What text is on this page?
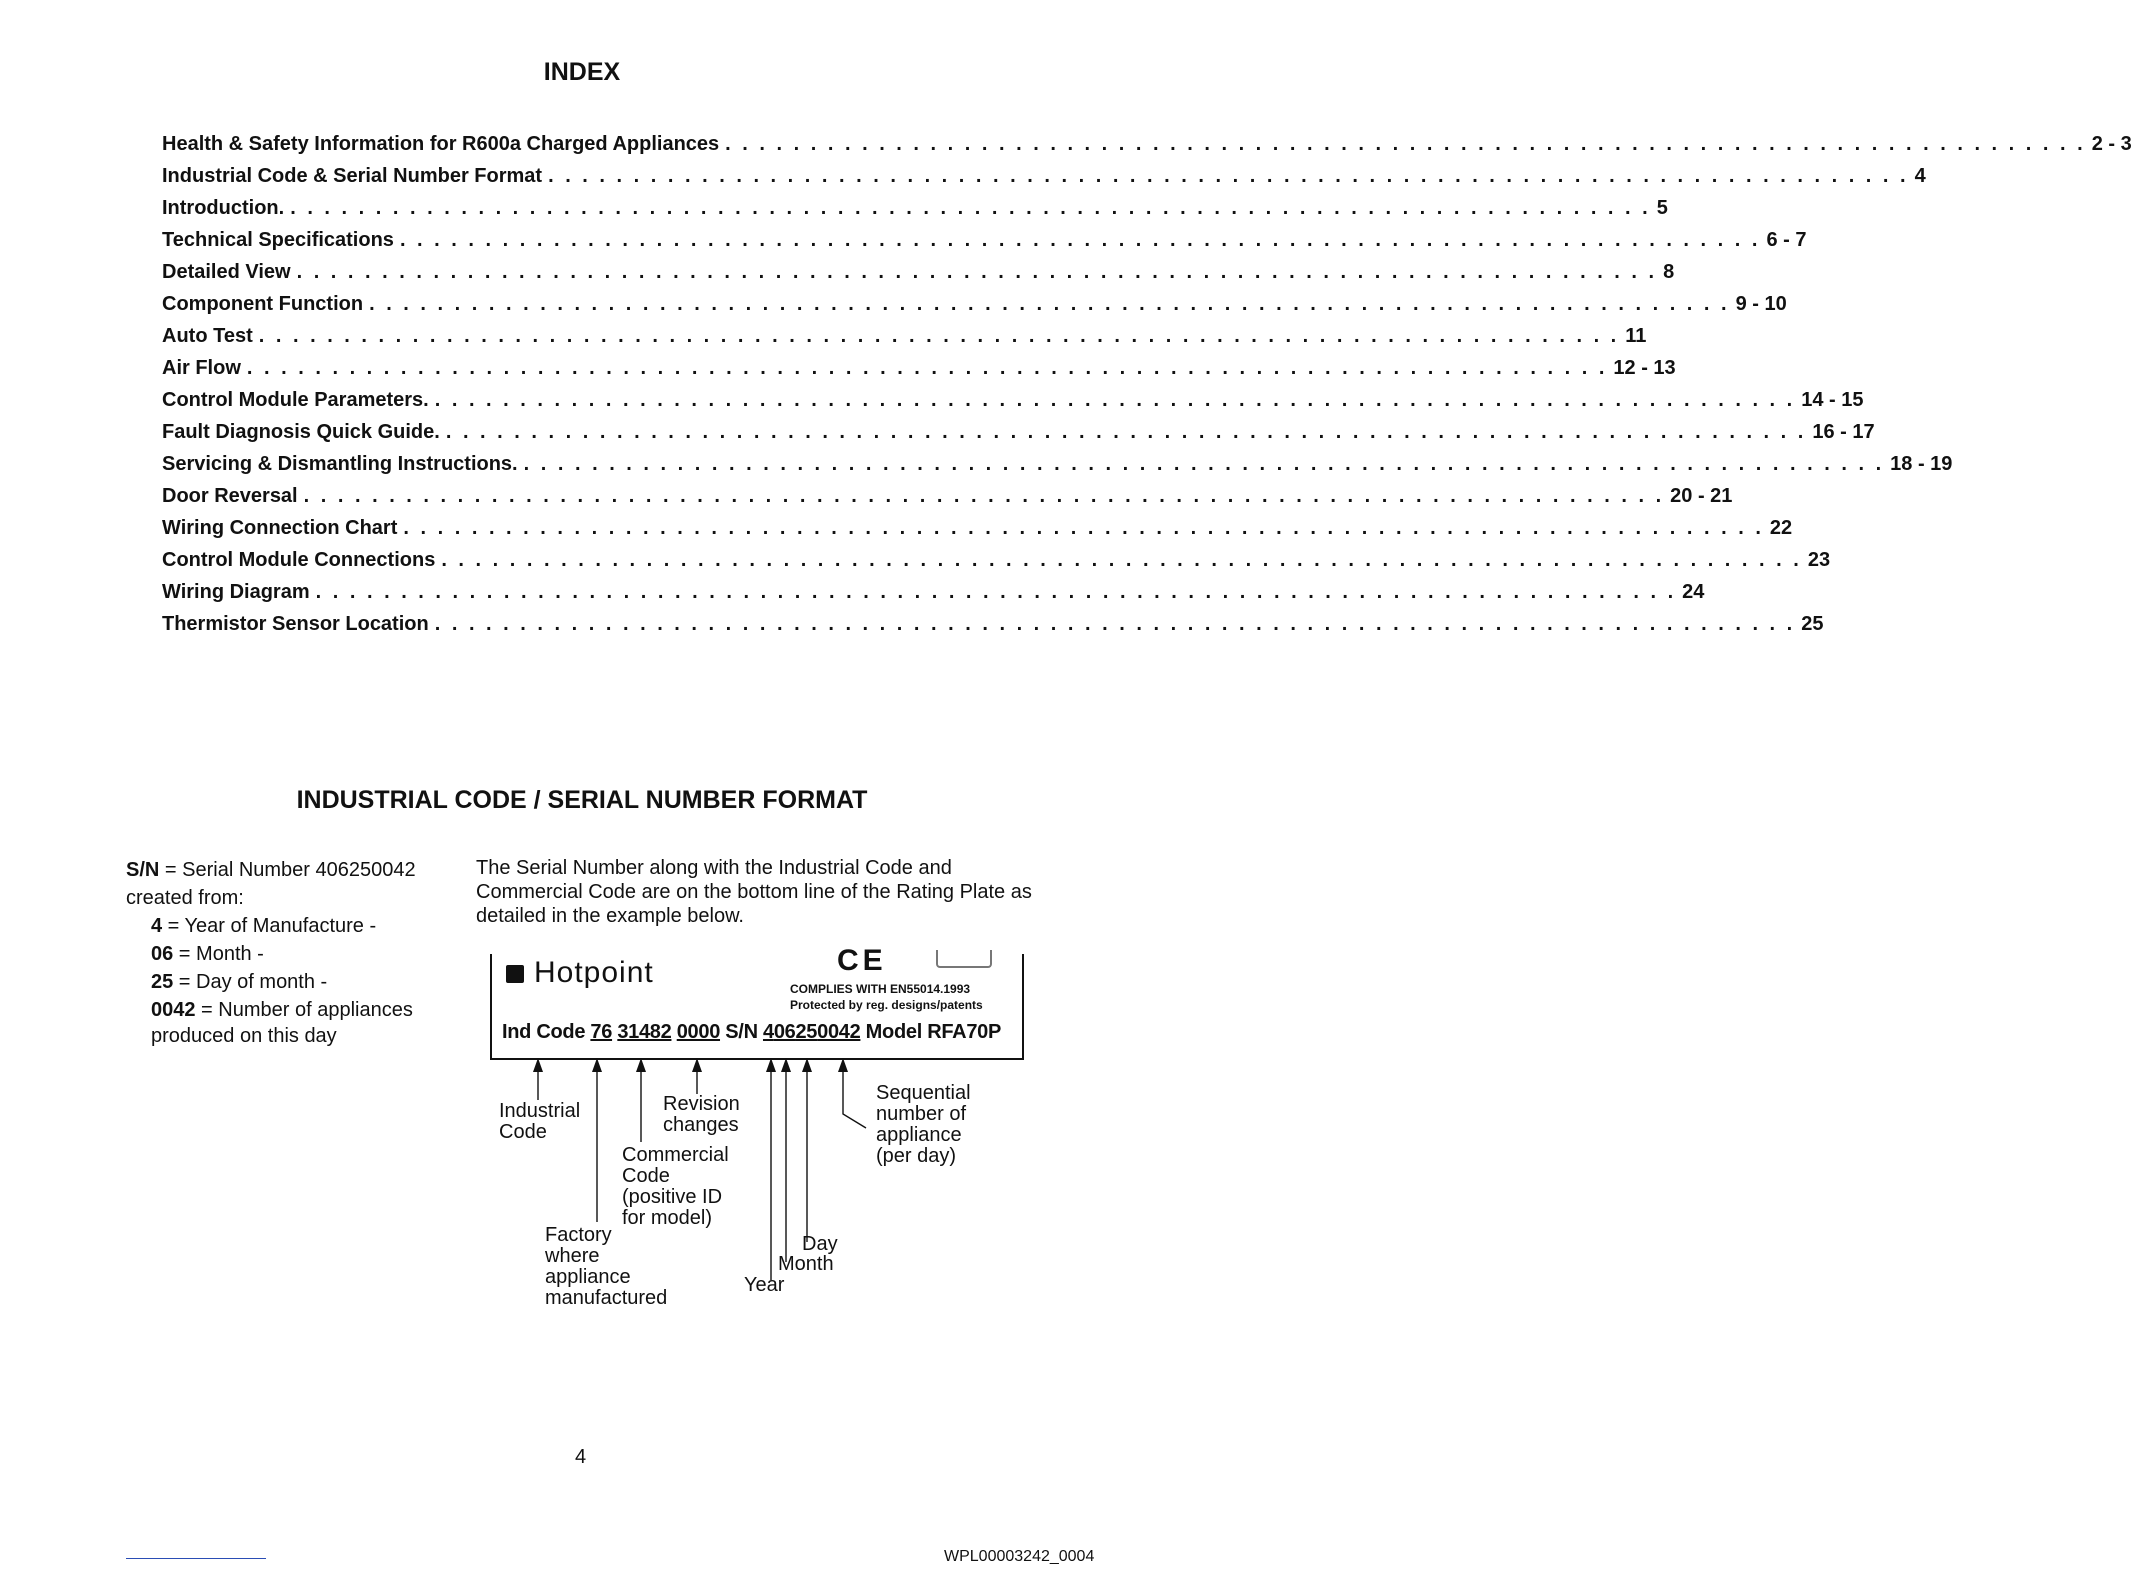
INDEX
Health & Safety Information for R600a Charged Appliances . . . . . . . . . . . . . . . . . . . . . . . . . . . . . . . . . . . . . . . . . . . . . . . . . . . . . . . . . . . . . . . . . . . . . . . . . . . . . . . . 2 - 3
Industrial Code & Serial Number Format . . . . . . . . . . . . . . . . . . . . . . . . . . . . . . . . . . . . . . . . . . . . . . . . . . . . . . . . . . . . . . . . . . . . . . . . . . . . . . . . 4
Introduction. . . . . . . . . . . . . . . . . . . . . . . . . . . . . . . . . . . . . . . . . . . . . . . . . . . . . . . . . . . . . . . . . . . . . . . . . . . . . . . . . 5
Technical Specifications . . . . . . . . . . . . . . . . . . . . . . . . . . . . . . . . . . . . . . . . . . . . . . . . . . . . . . . . . . . . . . . . . . . . . . . . . . . . . . . . 6 - 7
Detailed View . . . . . . . . . . . . . . . . . . . . . . . . . . . . . . . . . . . . . . . . . . . . . . . . . . . . . . . . . . . . . . . . . . . . . . . . . . . . . . . . 8
Component Function . . . . . . . . . . . . . . . . . . . . . . . . . . . . . . . . . . . . . . . . . . . . . . . . . . . . . . . . . . . . . . . . . . . . . . . . . . . . . . . . 9 - 10
Auto Test . . . . . . . . . . . . . . . . . . . . . . . . . . . . . . . . . . . . . . . . . . . . . . . . . . . . . . . . . . . . . . . . . . . . . . . . . . . . . . . . 11
Air Flow . . . . . . . . . . . . . . . . . . . . . . . . . . . . . . . . . . . . . . . . . . . . . . . . . . . . . . . . . . . . . . . . . . . . . . . . . . . . . . . . 12 - 13
Control Module Parameters. . . . . . . . . . . . . . . . . . . . . . . . . . . . . . . . . . . . . . . . . . . . . . . . . . . . . . . . . . . . . . . . . . . . . . . . . . . . . . . . . 14 - 15
Fault Diagnosis Quick Guide. . . . . . . . . . . . . . . . . . . . . . . . . . . . . . . . . . . . . . . . . . . . . . . . . . . . . . . . . . . . . . . . . . . . . . . . . . . . . . . . . 16 - 17
Servicing & Dismantling Instructions. . . . . . . . . . . . . . . . . . . . . . . . . . . . . . . . . . . . . . . . . . . . . . . . . . . . . . . . . . . . . . . . . . . . . . . . . . . . . . . . . 18 - 19
Door Reversal . . . . . . . . . . . . . . . . . . . . . . . . . . . . . . . . . . . . . . . . . . . . . . . . . . . . . . . . . . . . . . . . . . . . . . . . . . . . . . . . 20 - 21
Wiring Connection Chart . . . . . . . . . . . . . . . . . . . . . . . . . . . . . . . . . . . . . . . . . . . . . . . . . . . . . . . . . . . . . . . . . . . . . . . . . . . . . . . . 22
Control Module Connections . . . . . . . . . . . . . . . . . . . . . . . . . . . . . . . . . . . . . . . . . . . . . . . . . . . . . . . . . . . . . . . . . . . . . . . . . . . . . . . . 23
Wiring Diagram . . . . . . . . . . . . . . . . . . . . . . . . . . . . . . . . . . . . . . . . . . . . . . . . . . . . . . . . . . . . . . . . . . . . . . . . . . . . . . . . 24
Thermistor Sensor Location . . . . . . . . . . . . . . . . . . . . . . . . . . . . . . . . . . . . . . . . . . . . . . . . . . . . . . . . . . . . . . . . . . . . . . . . . . . . . . . . 25
INDUSTRIAL CODE / SERIAL NUMBER FORMAT
S/N = Serial Number 406250042
created from:
4 = Year of Manufacture -
06 = Month -
25 = Day of month -
0042 = Number of appliances
produced on this day
The Serial Number along with the Industrial Code and Commercial Code are on the bottom line of the Rating Plate as detailed in the example below.
Hotpoint	CE
COMPLIES WITH EN55014.1993
Protected by reg. designs/patents
Ind Code 76 31482 0000 S/N 406250042 Model RFA70P
Industrial
Code
Revision
changes
Commercial
Code
(positive ID
for model)
Factory
where
appliance
manufactured
Sequential
number of
appliance
(per day)
Day
Month
Year
4
WPL00003242_0004
